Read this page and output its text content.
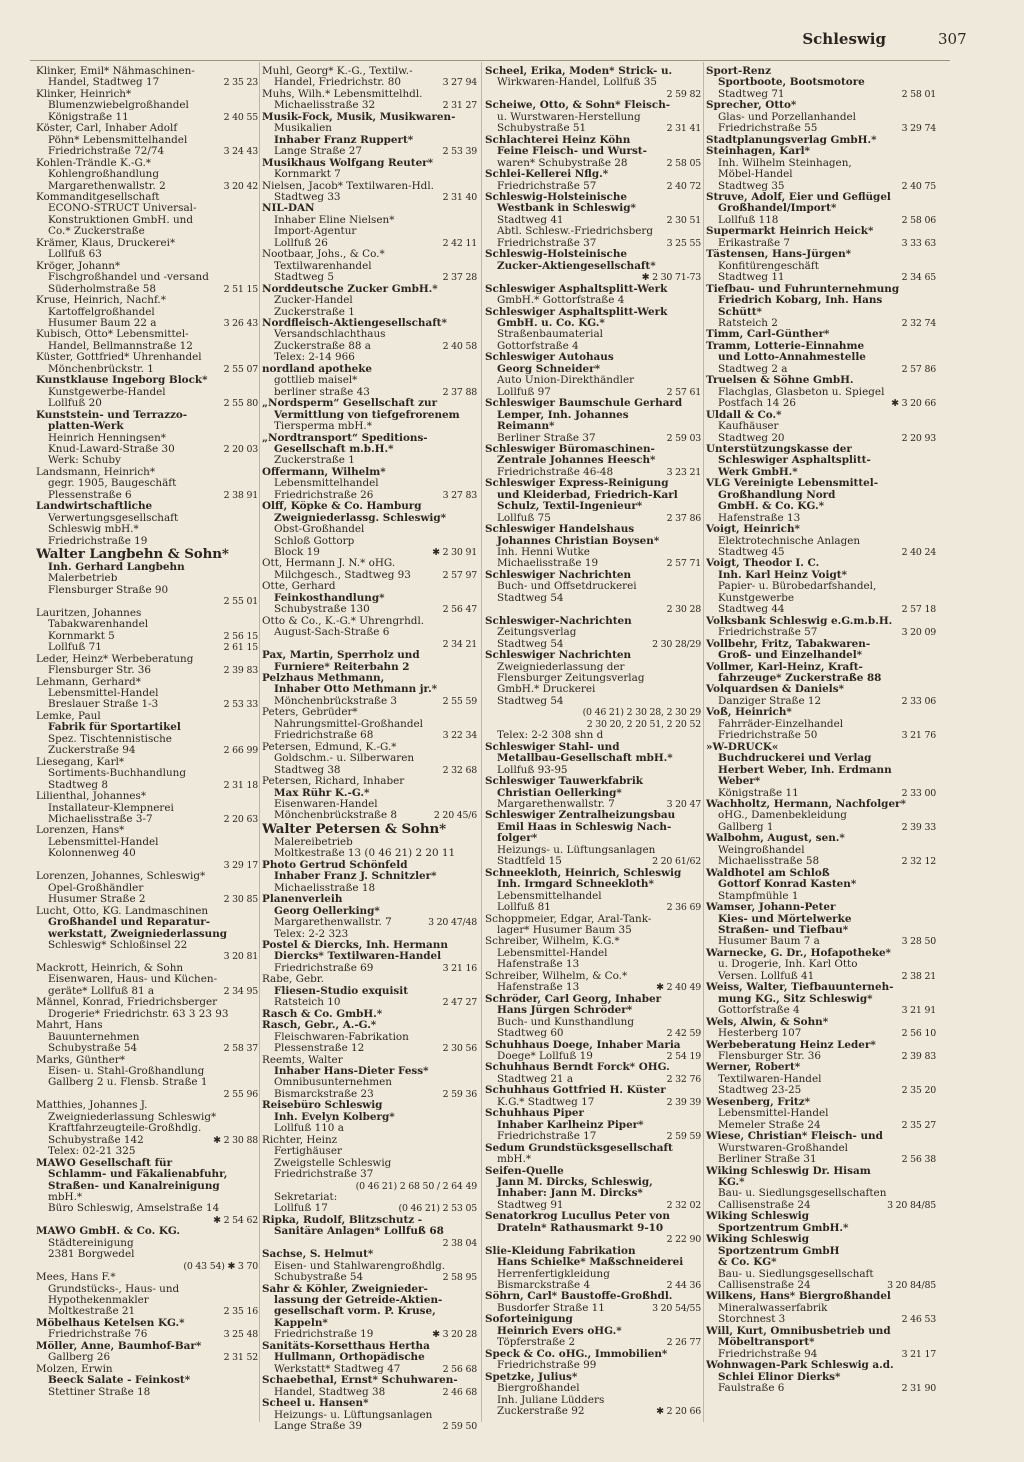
Schleswig	307
Klinker, Emil* Nähmaschinen-
Handel, Stadtweg 17	2 35 23
Klinker, Heinrich*
Blumenzwiebelgroßhandel
Königstraße 11	2 40 55
Köster, Carl, Inhaber Adolf
Pöhn* Lebensmittelhandel
Friedrichstraße 72/74	3 24 43
Kohlen-Trändle K.-G.*
Kohlengroßhandlung
Margarethenwallstr. 2	3 20 42
Kommanditgesellschaft
ECONO-STRUCT Universal-
Konstruktionen GmbH. und
Co.* Zuckerstraße
Krämer, Klaus, Druckerei*
Lollfuß 63
Kröger, Johann*
Fischgroßhandel und -versand
Süderholmstraße 58	2 51 15
Kruse, Heinrich, Nachf.*
Kartoffelgroßhandel
Husumer Baum 22 a	3 26 43
Kubisch, Otto* Lebensmittel-
Handel, Bellmannstraße 12
Küster, Gottfried* Uhrenhandel
Mönchenbrückstr. 1	2 55 07
Kunstklause Ingeborg Block*
Kunstgewerbe-Handel
Lollfuß 20	2 55 80
Kunststein- und Terrazzo-
platten-Werk
Heinrich Henningsen*
Knud-Laward-Straße 30	2 20 03
Werk: Schuby
Landsmann, Heinrich*
gegr. 1905, Baugeschäft
Plessenstraße 6	2 38 91
Landwirtschaftliche
Verwertungsgesellschaft
Schleswig mbH.*
Friedrichstraße 19
Walter Langbehn & Sohn*
Inh. Gerhard Langbehn
Malerbetrieb
Flensburger Straße 90
2 55 01
Lauritzen, Johannes
Tabakwarenhandel
Kornmarkt 5	2 56 15
Lollfuß 71	2 61 15
Leder, Heinz* Werbeberatung
Flensburger Str. 36	2 39 83
Lehmann, Gerhard*
Lebensmittel-Handel
Breslauer Straße 1-3	2 53 33
Lemke, Paul
Fabrik für Sportartikel
Spez. Tischtennistische
Zuckerstraße 94	2 66 99
Liesegang, Karl*
Sortiments-Buchhandlung
Stadtweg 8	2 31 18
Lilienthal, Johannes*
Installateur-Klempnerei
Michaelisstraße 3-7	2 20 63
Lorenzen, Hans*
Lebensmittel-Handel
Kolonnenweg 40
3 29 17
Lorenzen, Johannes, Schleswig*
Opel-Großhändler
Husumer Straße 2	2 30 85
Lucht, Otto, KG. Landmaschinen
Großhandel und Reparatur-
werkstatt, Zweigniederlassung
Schleswig* Schloßinsel 22
3 20 81
Mackrott, Heinrich, & Sohn
Eisenwaren, Haus- und Küchen-
geräte* Lollfuß 81 a	2 34 95
Männel, Konrad, Friedrichsberger
Drogerie* Friedrichstr. 63 3 23 93
Mahrt, Hans
Bauunternehmen
Schubystraße 54	2 58 37
Marks, Günther*
Eisen- u. Stahl-Großhandlung
Gallberg 2 u. Flensb. Straße 1
2 55 96
Matthies, Johannes J.
Zweigniederlassung Schleswig*
Kraftfahrzeugteile-Großhdlg.
Schubystraße 142	✱ 2 30 88
Telex: 02-21 325
MAWÖ Gesellschaft für
Schlamm- und Fäkalienabfuhr,
Straßen- und Kanalreinigung
mbH.*
Büro Schleswig, Amselstraße 14
✱ 2 54 62
MAWÖ GmbH. & Co. KG.
Städtereinigung
2381 Borgwedel
(0 43 54) ✱ 3 70
Mees, Hans F.*
Grundstücks-, Haus- und
Hypothekenmakler
Moltkestraße 21	2 35 16
Möbelhaus Ketelsen KG.*
Friedrichstraße 76	3 25 48
Möller, Anne, Baumhof-Bar*
Gallberg 26	2 31 52
Molzen, Erwin
Beeck Salate - Feinkost*
Stettiner Straße 18
Muhl, Georg* K.-G., Textilw.-
Handel, Friedrichstr. 80	3 27 94
Muhs, Wilh.* Lebensmittelhdl.
Michaelisstraße 32	2 31 27
Musik-Fock, Musik, Musikwaren-
Musikalien
Inhaber Franz Ruppert*
Lange Straße 27	2 53 39
Musikhaus Wolfgang Reuter*
Kornmarkt 7
Nielsen, Jacob* Textilwaren-Hdl.
Stadtweg 33	2 31 40
NIL-DAN
Inhaber Eline Nielsen*
Import-Agentur
Lollfuß 26	2 42 11
Nootbaar, Johs., & Co.*
Textilwarenhandel
Stadtweg 5	2 37 28
Norddeutsche Zucker GmbH.*
Zucker-Handel
Zuckerstraße 1
Nordfleisch-Aktiengesellschaft*
Versandschlachthaus
Zuckerstraße 88 a	2 40 58
Telex: 2-14 966
nordland apotheke
gottlieb maisel*
berliner straße 43	2 37 88
„Nordsperm“ Gesellschaft zur
Vermittlung von tiefgefrorenem
Tiersperma mbH.*
„Nordtransport“ Speditions-
Gesellschaft m.b.H.*
Zuckerstraße 1
Offermann, Wilhelm*
Lebensmittelhandel
Friedrichstraße 26	3 27 83
Olff, Köpke & Co. Hamburg
Zweigniederlassg. Schleswig*
Obst-Großhandel
Schloß Gottorp
Block 19	✱ 2 30 91
Ott, Hermann J. N.* oHG.
Milchgesch., Stadtweg 93	2 57 97
Otte, Gerhard
Feinkosthandlung*
Schubystraße 130	2 56 47
Otto & Co., K.-G.* Uhrengrhdl.
August-Sach-Straße 6
2 34 21
Pax, Martin, Sperrholz und
Furniere* Reiterbahn 2
Pelzhaus Methmann,
Inhaber Otto Methmann jr.*
Mönchenbrückstraße 3	2 55 59
Peters, Gebrüder*
Nahrungsmittel-Großhandel
Friedrichstraße 68	3 22 34
Petersen, Edmund, K.-G.*
Goldschm.- u. Silberwaren
Stadtweg 38	2 32 68
Petersen, Richard, Inhaber
Max Rühr K.-G.*
Eisenwaren-Handel
Mönchenbrückstraße 8	2 20 45/6
Walter Petersen & Sohn*
Malereibetrieb
Moltkestraße 13 (0 46 21) 2 20 11
Photo Gertrud Schönfeld
Inhaber Franz J. Schnitzler*
Michaelisstraße 18
Planenverleih
Georg Oellerking*
Margarethenwallstr. 7	3 20 47/48
Telex: 2-2 323
Postel & Diercks, Inh. Hermann
Diercks* Textilwaren-Handel
Friedrichstraße 69	3 21 16
Rabe, Gebr.
Fliesen-Studio exquisit
Ratsteich 10	2 47 27
Rasch & Co. GmbH.*
Rasch, Gebr., A.-G.*
Fleischwaren-Fabrikation
Plessenstraße 12	2 30 56
Reemts, Walter
Inhaber Hans-Dieter Fess*
Omnibusunternehmen
Bismarckstraße 23	2 59 36
Reisebüro Schleswig
Inh. Evelyn Kolberg*
Lollfuß 110 a
Richter, Heinz
Fertighäuser
Zweigstelle Schleswig
Friedrichstraße 37
(0 46 21) 2 68 50 / 2 64 49
Sekretariat:
Lollfuß 17	(0 46 21) 2 53 05
Ripka, Rudolf, Blitzschutz -
Sanitäre Anlagen* Lollfuß 68
2 38 04
Sachse, S. Helmut*
Eisen- und Stahlwarengroßhdlg.
Schubystraße 54	2 58 95
Sahr & Köhler, Zweignieder-
lassung der Getreide-Aktien-
gesellschaft vorm. P. Kruse,
Kappeln*
Friedrichstraße 19	✱ 3 20 28
Sanitäts-Korsetthaus Hertha
Hullmann, Orthopädische
Werkstatt* Stadtweg 47	2 56 68
Schaebethal, Ernst* Schuhwaren-
Handel, Stadtweg 38	2 46 68
Scheel u. Hansen*
Heizungs- u. Lüftungsanlagen
Lange Straße 39	2 59 50
Scheel, Erika, Moden* Strick- u.
Wirkwaren-Handel, Lollfuß 35
2 59 82
Scheiwe, Otto, & Sohn* Fleisch-
u. Wurstwaren-Herstellung
Schubystraße 51	2 31 41
Schlachterei Heinz Köhn
Feine Fleisch- und Wurst-
waren* Schubystraße 28	2 58 05
Schlei-Kellerei Nflg.*
Friedrichstraße 57	2 40 72
Schleswig-Holsteinische
Westbank in Schleswig*
Stadtweg 41	2 30 51
Abtl. Schlesw.-Friedrichsberg
Friedrichstraße 37	3 25 55
Schleswig-Holsteinische
Zucker-Aktiengesellschaft*
✱ 2 30 71-73
Schleswiger Asphaltsplitt-Werk
GmbH.* Gottorfstraße 4
Schleswiger Asphaltsplitt-Werk
GmbH. u. Co. KG.*
Straßenbaumaterial
Gottorfstraße 4
Schleswiger Autohaus
Georg Schneider*
Auto Union-Direkthändler
Lollfuß 97	2 57 61
Schleswiger Baumschule Gerhard
Lemper, Inh. Johannes
Reimann*
Berliner Straße 37	2 59 03
Schleswiger Büromaschinen-
Zentrale Johannes Heesch*
Friedrichstraße 46-48	3 23 21
Schleswiger Express-Reinigung
und Kleiderbad, Friedrich-Karl
Schulz, Textil-Ingenieur*
Lollfuß 75	2 37 86
Schleswiger Handelshaus
Johannes Christian Boysen*
Inh. Henni Wutke
Michaelisstraße 19	2 57 71
Schleswiger Nachrichten
Buch- und Offsetdruckerei
Stadtweg 54
2 30 28
Schleswiger-Nachrichten
Zeitungsverlag
Stadtweg 54	2 30 28/29
Schleswiger Nachrichten
Zweigniederlassung der
Flensburger Zeitungsverlag
GmbH.* Druckerei
Stadtweg 54
(0 46 21) 2 30 28, 2 30 29
2 30 20, 2 20 51, 2 20 52
Telex: 2-2 308 shn d
Schleswiger Stahl- und
Metallbau-Gesellschaft mbH.*
Lollfuß 93-95
Schleswiger Tauwerkfabrik
Christian Oellerking*
Margarethenwallstr. 7	3 20 47
Schleswiger Zentralheizungsbau
Emil Haas in Schleswig Nach-
folger*
Heizungs- u. Lüftungsanlagen
Stadtfeld 15	2 20 61/62
Schneekloth, Heinrich, Schleswig
Inh. Irmgard Schneekloth*
Lebensmittelhandel
Lollfuß 81	2 36 69
Schoppmeier, Edgar, Aral-Tank-
lager* Husumer Baum 35
Schreiber, Wilhelm, K.G.*
Lebensmittel-Handel
Hafenstraße 13
Schreiber, Wilhelm, & Co.*
Hafenstraße 13	✱ 2 40 49
Schröder, Carl Georg, Inhaber
Hans Jürgen Schröder*
Buch- und Kunsthandlung
Stadtweg 60	2 42 59
Schuhhaus Doege, Inhaber Maria
Doege* Lollfuß 19	2 54 19
Schuhhaus Berndt Forck* OHG.
Stadtweg 21 a	2 32 76
Schuhhaus Gottfried H. Küster
K.G.* Stadtweg 17	2 39 39
Schuhhaus Piper
Inhaber Karlheinz Piper*
Friedrichstraße 17	2 59 59
Sedum Grundstücksgesellschaft
mbH.*
Seifen-Quelle
Jann M. Dircks, Schleswig,
Inhaber: Jann M. Dircks*
Stadtweg 91	2 32 02
Senatorkrog Lucullus Peter von
Drateln* Rathausmarkt 9-10
2 22 90
Slie-Kleidung Fabrikation
Hans Schielke* Maßschneiderei
Herrenfertigkleidung
Bismarckstraße 4	2 44 36
Söhrn, Carl* Baustoffe-Großhdl.
Busdorfer Straße 11	3 20 54/55
Soforteinigung
Heinrich Evers oHG.*
Töpferstraße 2	2 26 77
Speck & Co. oHG., Immobilien*
Friedrichstraße 99
Spetzke, Julius*
Biergroßhandel
Inh. Juliane Lüdders
Zuckerstraße 92	✱ 2 20 66
Sport-Renz
Sportboote, Bootsmotore
Stadtweg 71	2 58 01
Sprecher, Otto*
Glas- und Porzellanhandel
Friedrichstraße 55	3 29 74
Stadtplanungsverlag GmbH.*
Steinhagen, Karl*
Inh. Wilhelm Steinhagen,
Möbel-Handel
Stadtweg 35	2 40 75
Struve, Adolf, Eier und Geflügel
Großhandel/Import*
Lollfuß 118	2 58 06
Supermarkt Heinrich Heick*
Erikastraße 7	3 33 63
Tästensen, Hans-Jürgen*
Konfitürengeschäft
Stadtweg 11	2 34 65
Tiefbau- und Fuhrunternehmung
Friedrich Kobarg, Inh. Hans
Schütt*
Ratsteich 2	2 32 74
Timm, Carl-Günther*
Tramm, Lotterie-Einnahme
und Lotto-Annahmestelle
Stadtweg 2 a	2 57 86
Truelsen & Söhne GmbH.
Flachglas, Glasbeton u. Spiegel
Postfach 14 26	✱ 3 20 66
Uldall & Co.*
Kaufhäuser
Stadtweg 20	2 20 93
Unterstützungskasse der
Schleswiger Asphaltsplitt-
Werk GmbH.*
VLG Vereinigte Lebensmittel-
Großhandlung Nord
GmbH. & Co. KG.*
Hafenstraße 13
Voigt, Heinrich*
Elektrotechnische Anlagen
Stadtweg 45	2 40 24
Voigt, Theodor I. C.
Inh. Karl Heinz Voigt*
Papier- u. Bürobedarfshandel,
Kunstgewerbe
Stadtweg 44	2 57 18
Volksbank Schleswig e.G.m.b.H.
Friedrichstraße 57	3 20 09
Vollbehr, Fritz, Tabakwaren-
Groß- und Einzelhandel*
Vollmer, Karl-Heinz, Kraft-
fahrzeuge* Zuckerstraße 88
Volquardsen & Daniels*
Danziger Straße 12	2 33 06
Voß, Heinrich*
Fahrräder-Einzelhandel
Friedrichstraße 50	3 21 76
»W-DRUCK«
Buchdruckerei und Verlag
Herbert Weber, Inh. Erdmann
Weber*
Königstraße 11	2 33 00
Wachholtz, Hermann, Nachfolger*
oHG., Damenbekleidung
Gallberg 1	2 39 33
Walbohm, August, sen.*
Weingroßhandel
Michaelisstraße 58	2 32 12
Waldhotel am Schloß
Gottorf Konrad Kasten*
Stampfmühle 1
Wamser, Johann-Peter
Kies- und Mörtelwerke
Straßen- und Tiefbau*
Husumer Baum 7 a	3 28 50
Warnecke, G. Dr., Hofapotheke*
u. Drogerie, Inh. Karl Otto
Versen. Lollfuß 41	2 38 21
Weiss, Walter, Tiefbauunterneh-
mung KG., Sitz Schleswig*
Gottorfstraße 4	3 21 91
Wels, Alwin, & Sohn*
Hesterberg 107	2 56 10
Werbeberatung Heinz Leder*
Flensburger Str. 36	2 39 83
Werner, Robert*
Textilwaren-Handel
Stadtweg 23-25	2 35 20
Wesenberg, Fritz*
Lebensmittel-Handel
Memeler Straße 24	2 35 27
Wiese, Christian* Fleisch- und
Wurstwaren-Großhandel
Berliner Straße 31	2 56 38
Wiking Schleswig Dr. Hisam
KG.*
Bau- u. Siedlungsgesellschaften
Callisenstraße 24	3 20 84/85
Wiking Schleswig
Sportzentrum GmbH.*
Wiking Schleswig
Sportzentrum GmbH
& Co. KG*
Bau- u. Siedlungsgesellschaft
Callisenstraße 24	3 20 84/85
Wilkens, Hans* Biergroßhandel
Mineralwasserfabrik
Storchnest 3	2 46 53
Will, Kurt, Omnibusbetrieb und
Möbeltransport*
Friedrichstraße 94	3 21 17
Wohnwagen-Park Schleswig a.d.
Schlei Elinor Dierks*
Faulstraße 6	2 31 90
